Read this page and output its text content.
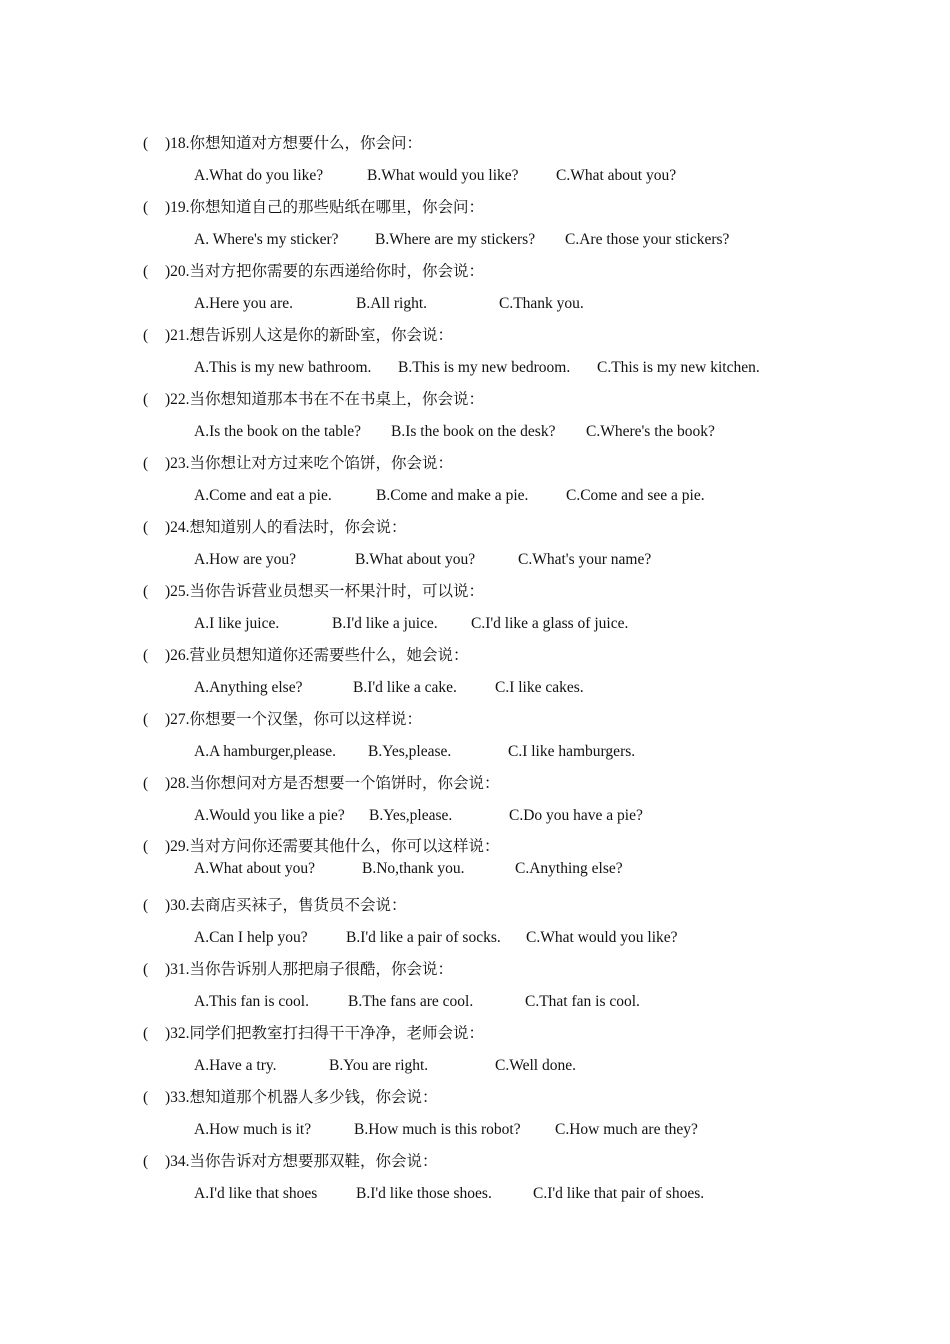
( )18.你想知道对方想要什么，你会问：
A.What do you like?	B.What would you like? C.What about you?
( )19.你想知道自己的那些贴纸在哪里，你会问：
A. Where's my sticker? B.Where are my stickers? C.Are those your stickers?
( )20.当对方把你需要的东西递给你时，你会说：
A.Here you are.	B.All right.	C.Thank you.
( )21.想告诉别人这是你的新卧室，你会说：
A.This is my new bathroom. B.This is my new bedroom. C.This is my new kitchen.
( )22.当你想知道那本书在不在书桌上，你会说：
A.Is the book on the table? B.Is the book on the desk? C.Where's the book?
( )23.当你想让对方过来吃个馅饼，你会说：
A.Come and eat a pie.	B.Come and make a pie. C.Come and see a pie.
( )24.想知道别人的看法时，你会说：
A.How are you?	B.What about you?	C.What's your name?
( )25.当你告诉营业员想买一杯果汁时，可以说：
A.I like juice.	B.I'd like a juice. C.I'd like a glass of juice.
( )26.营业员想知道你还需要些什么，她会说：
A.Anything else?	B.I'd like a cake. C.I like cakes.
( )27.你想要一个汉堡，你可以这样说：
A.A hamburger,please. B.Yes,please.	C.I like hamburgers.
( )28.当你想问对方是否想要一个馅饼时，你会说：
A.Would you like a pie? B.Yes,please.	C.Do you have a pie?
( )29.当对方问你还需要其他什么，你可以这样说：
A.What about you?	B.No,thank you.	C.Anything else?
( )30.去商店买袜子，售货员不会说：
A.Can I help you? B.I'd like a pair of socks. C.What would you like?
( )31.当你告诉别人那把扇子很酷，你会说：
A.This fan is cool.	B.The fans are cool.	C.That fan is cool.
( )32.同学们把教室打扫得干干净净，老师会说：
A.Have a try.	B.You are right.	C.Well done.
( )33.想知道那个机器人多少钱，你会说：
A.How much is it?	B.How much is this robot? C.How much are they?
( )34.当你告诉对方想要那双鞋，你会说：
A.I'd like that shoes B.I'd like those shoes.	C.I'd like that pair of shoes.
